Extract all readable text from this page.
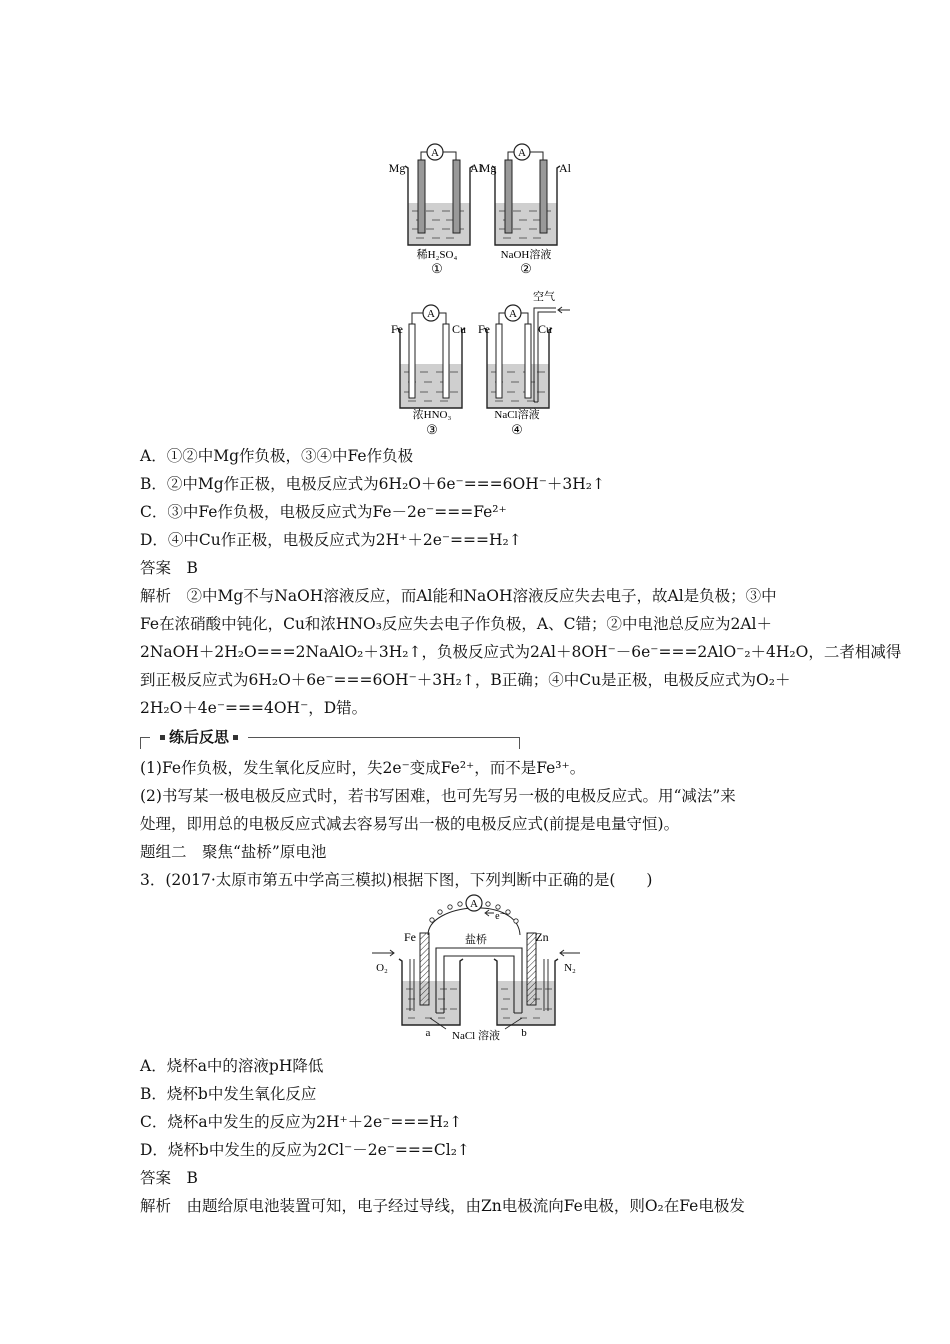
A
Mg	Al
稀H₂SO₄
①
A
Mg	Al
NaOH溶液
②
A
Fe	Cu
浓HNO₃
③
A
空气
Fe	Cu
NaCl溶液
④
A．①②中Mg作负极，③④中Fe作负极
B．②中Mg作正极，电极反应式为6H₂O＋6e⁻===6OH⁻＋3H₂↑
C．③中Fe作负极，电极反应式为Fe－2e⁻===Fe²⁺
D．④中Cu作正极，电极反应式为2H⁺＋2e⁻===H₂↑
答案　B
解析　②中Mg不与NaOH溶液反应，而Al能和NaOH溶液反应失去电子，故Al是负极；③中
Fe在浓硝酸中钝化，Cu和浓HNO₃反应失去电子作负极，A、C错；②中电池总反应为2Al＋
2NaOH＋2H₂O===2NaAlO₂＋3H₂↑，负极反应式为2Al＋8OH⁻－6e⁻===2AlO⁻₂＋4H₂O，二者相减得
到正极反应式为6H₂O＋6e⁻===6OH⁻＋3H₂↑，B正确；④中Cu是正极，电极反应式为O₂＋
2H₂O＋4e⁻===4OH⁻，D错。
练后反思
(1)Fe作负极，发生氧化反应时，失2e⁻变成Fe²⁺，而不是Fe³⁺。
(2)书写某一极电极反应式时，若书写困难，也可先写另一极的电极反应式。用“减法”来
处理，即用总的电极反应式减去容易写出一极的电极反应式(前提是电量守恒)。
题组二　聚焦“盐桥”原电池
3．(2017·太原市第五中学高三模拟)根据下图，下列判断中正确的是(　　)
A
e⁻
盐桥
Fe	Zn
O₂	N₂
a	b
NaCl 溶液
A．烧杯a中的溶液pH降低
B．烧杯b中发生氧化反应
C．烧杯a中发生的反应为2H⁺＋2e⁻===H₂↑
D．烧杯b中发生的反应为2Cl⁻－2e⁻===Cl₂↑
答案　B
解析　由题给原电池装置可知，电子经过导线，由Zn电极流向Fe电极，则O₂在Fe电极发
